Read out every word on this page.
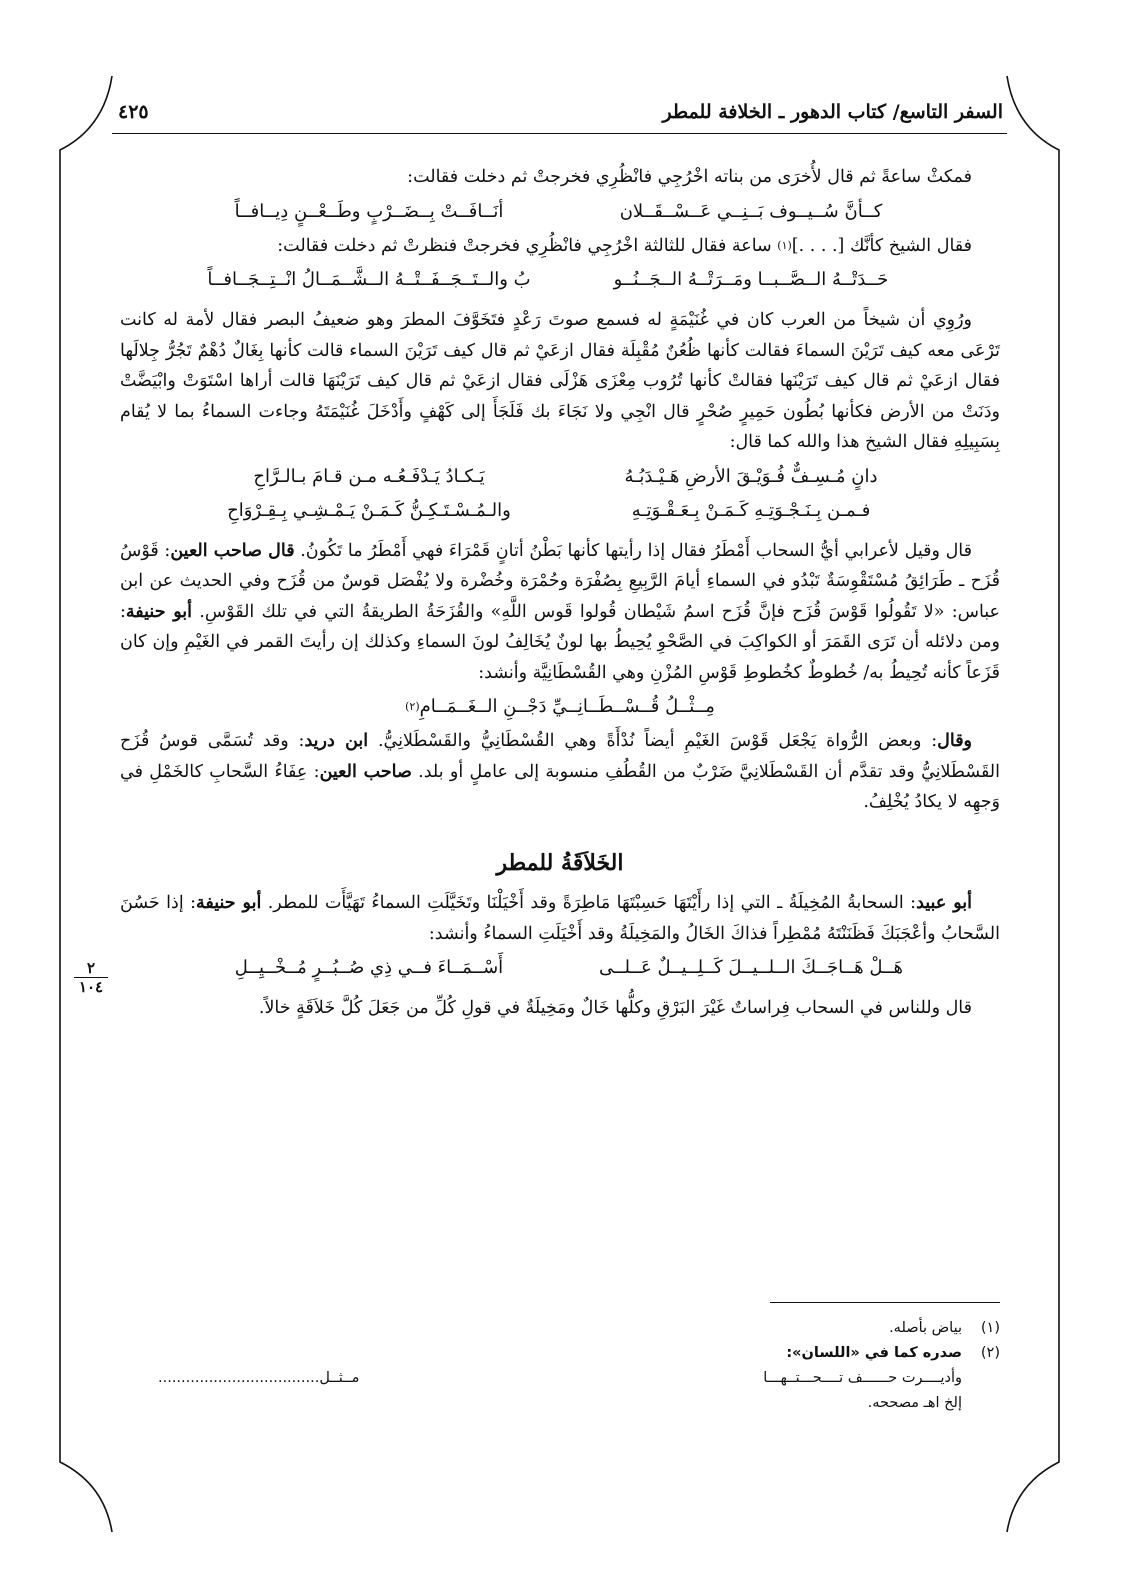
السفر التاسع/ كتاب الدهور ـ الخلافة للمطر
٤٢٥

فمكثْ ساعةً ثم قال لأُخرَى من بناته اخْرُجِي فانْظُرِي فخرجتْ ثم دخلت فقالت:

كــأنَّ سُــيــوف بَــنِــي عَــسْــقَــلان
أنَــافَــتْ بِــضَــرْبٍ وطَــعْــنٍ دِيــافــاً

فقال الشيخ كأنَّك [. . . .]$^{(١)}$ ساعة فقال للثالثة اخْرُجِي فانْظُرِي فخرجتْ فنظرتْ ثم دخلت فقالت:

حَــدَتْــهُ الــصَّــبــا ومَــرَتْــهُ الــجَــنُــو
بُ والــتَــجَــفَــتْــهُ الــشَّــمَــالُ انْــتِــجَــافــاً

ورُوِي أن شيخاً من العرب كان في غُنَيْمَةٍ له فسمع صوتَ رَعْدٍ فتَخَوَّفَ المطرَ وهو ضعيفُ البصر فقال لأمة له كانت تَرْعَى معه كيف تَرَيْنَ السماءَ فقالت كأنها ظُعُنٌ مُقْبِلَة فقال ازعَيْ ثم قال كيف تَرَيْنَ السماء قالت كأنها بِغَالٌ دُهْمٌ تَجُرُّ جِلالَها فقال ازعَيْ ثم قال كيف تَرَيْنَها فقالتْ كأنها تُرُوب مِعْزَى هَزْلَى فقال ازعَيْ ثم قال كيف تَرَيْنَهَا قالت أراها اسْتَوَتْ وابْيَضَّتْ ودَنَتْ من الأرض فكأنها بُطُون حَمِيرٍ صُحْرٍ قال انْجِي ولا نَجَاءَ بك فَلَجَأَ إلى كَهْفٍ وأَدْخَلَ غُنَيْمَتَهُ وجاءت السماءُ بما لا يُقام بِسَبِيلِهِ فقال الشيخ هذا والله كما قال:

دانٍ مُـسِـفٌّ فُـوَيْـقَ الأرضِ هَـيْـدَبُـهُ
يَـكـادُ يَـدْفَـعُـه مـن قـامَ بـالـرَّاحِ
فـمـن بِـنَـجْـوَتِـهِ كَـمَـنْ بِـعَـقْـوَتِـهِ
والـمُـسْـتَـكِـنُّ كَـمَـنْ يَـمْـشِـي بِـقِـرْوَاحِ

قال وقيل لأعرابي أيُّ السحاب أَمْطَرُ فقال إذا رأيتها كأنها بَطْنُ أتانٍ قَمْرَاءَ فهي أَمْطَرُ ما تَكُونُ. قال صاحب العين: قَوْسُ قُزَح ـ طَرَائِقُ مُسْتَقْوِسَةٌ تَبْدُو في السماءِ أيامَ الرَّبِيعِ بِصُفْرَة وحُمْرَة وخُضْرة ولا يُفْصَل قوسٌ من قُزَح وفي الحديث عن ابن عباس: «لا تَقُولُوا قَوْسَ قُزَح فإنَّ قُزَح اسمُ شَيْطان قُولوا قَوس اللَّهِ» والقُزَحَةُ الطريقةُ التي في تلك القَوْسِ. أبو حنيفة: ومن دلائله أن تَرَى القَمَرَ أو الكواكِبَ في الصَّحْوِ يُحِيطُ بها لونٌ يُخَالِفُ لونَ السماءِ وكذلك إن رأيتَ القمر في الغَيْمِ وإن كان قَزَعاً كأنه تُحِيطُ به/ خُطوطٌ كخُطوطِ قَوْسِ المُزْنِ وهي القُسْطَانِيَّة وأنشد:

مِــثْــلُ قُــسْــطَــانِــيِّ دَجْــنِ الــغَــمَــامِ$^{(٢)}$

وقال: وبعض الرُّواة يَجْعَل قَوْسَ الغَيْمِ أيضاً نُدْأَةً وهي القُسْطَانِيُّ والقَسْطَلانِيُّ. ابن دريد: وقد تُسَمَّى قوسُ قُزَح القَسْطَلانِيُّ وقد تقدَّم أن القَسْطَلانِيَّ ضَرْبٌ من القُطُفِ منسوبة إلى عاملٍ أو بلد. صاحب العين: عِفَاءُ السَّحابِ كالخَمْلِ في وَجهِه لا يكادُ يُخْلِفُ.

الخَلاَقَةُ للمطر

أبو عبيد: السحابةُ المُخِيلَةُ ـ التي إذا رأَيْتَهَا حَسِبْتَهَا مَاطِرَةً وقد أَخْيَلْنَا وتَخَيَّلَتِ السماءُ تَهَيَّأَت للمطر. أبو حنيفة: إذا حَسُنَ السَّحابُ وأعْجَبَكَ فَظَنَنْتَهُ مُمْطِراً فذاكَ الخَالُ والمَخِيلَةُ وقد أَخْيَلَتِ السماءُ وأنشد:

هَــلْ هَــاجَــكَ الــلــيــلَ كَــلِــيــلٌ عَــلــى
أَسْــمَــاءَ فــي ذِي صُــبُــرٍ مُــخْــيِــلِ

قال وللناس في السحاب فِراساتٌ غَيْرَ البَرْقِ وكلُّها خَالٌ ومَخِيلَةٌ في قولِ كُلِّ من جَعَلَ كُلَّ خَلاَقَةٍ خالاً.

٢
١٠٤
(١)
بياض بأصله.
(٢)
صدره كما في «اللسان»:
وأديــــرت حــــــف تــــحـــتــهـــا
مــثــل...................................
إلخ اهـ مصححه.
